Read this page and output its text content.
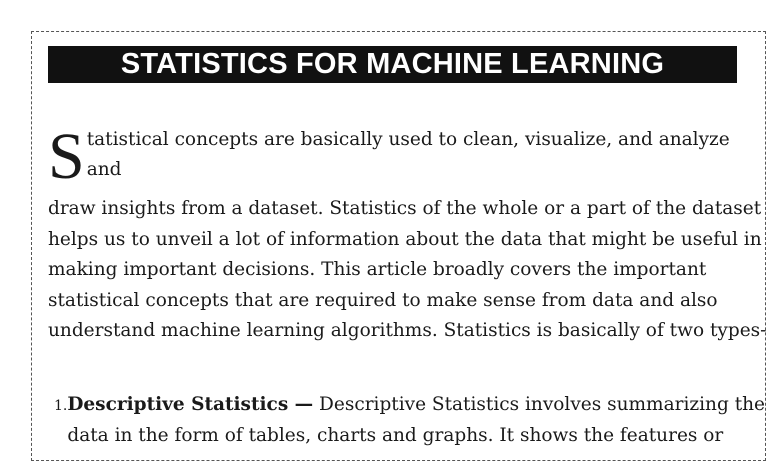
STATISTICS FOR MACHINE LEARNING
S tatistical concepts are basically used to clean, visualize, and analyze and
draw insights from a dataset. Statistics of the whole or a part of the dataset
helps us to unveil a lot of information about the data that might be useful in
making important decisions. This article broadly covers the important
statistical concepts that are required to make sense from data and also
understand machine learning algorithms. Statistics is basically of two types-
1. Descriptive Statistics — Descriptive Statistics involves summarizing the
data in the form of tables, charts and graphs. It shows the features or
